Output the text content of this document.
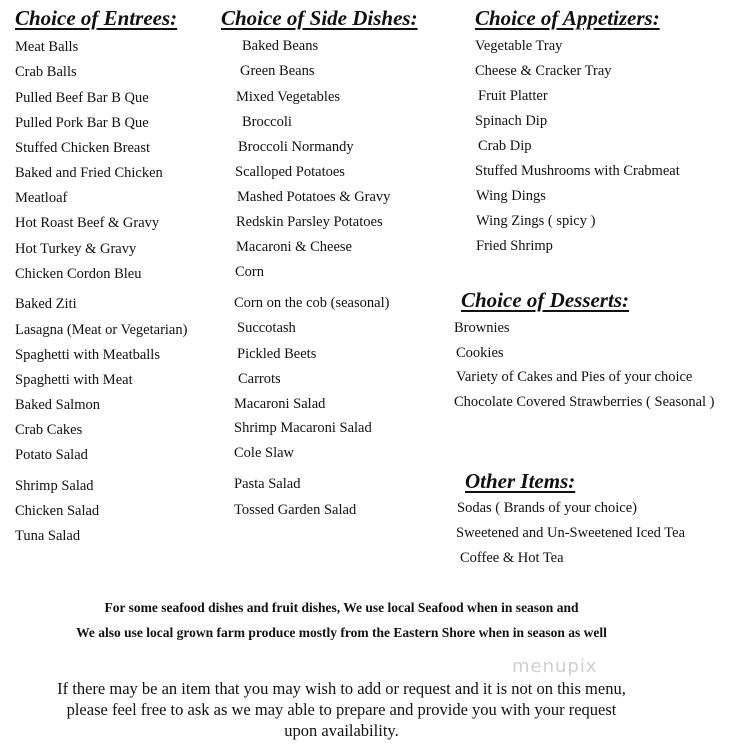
Choice of Entrees: Choice of Side Dishes:	Choice of Appetizers:
Choice of Desserts:
Other Items:

Meat Balls

Crab Balls

Pulled Beef Bar B Que

Pulled Pork Bar B Que

Stuffed Chicken Breast

Baked and Fried Chicken

Meatloaf

Hot Roast Beef & Gravy

Hot Turkey & Gravy

Chicken Cordon Bleu

Baked Ziti

Lasagna (Meat or Vegetarian)

Spaghetti with Meatballs

Spaghetti with Meat

Baked Salmon

Crab Cakes

Potato Salad

Shrimp Salad

Chicken Salad

Tuna Salad

Baked Beans

Green Beans

Mixed Vegetables

Broccoli

Broccoli Normandy

Scalloped Potatoes

Mashed Potatoes & Gravy

Redskin Parsley Potatoes

Macaroni & Cheese

Corn

Corn on the cob (seasonal)

Succotash

Pickled Beets

Carrots

Macaroni Salad

Shrimp Macaroni Salad

Cole Slaw

Pasta Salad

Tossed Garden Salad

Vegetable Tray

Cheese & Cracker Tray

Fruit Platter

Spinach Dip

Crab Dip

Stuffed Mushrooms with Crabmeat

Wing Dings

Wing Zings ( spicy )

Fried Shrimp

Brownies

Cookies

Variety of Cakes and Pies of your choice

Chocolate Covered Strawberries ( Seasonal )

Sodas ( Brands of your choice)

Sweetened and Un-Sweetened Iced Tea

Coffee & Hot Tea

For some seafood dishes and fruit dishes, We use local Seafood when in season and

We also use local grown farm produce mostly from the Eastern Shore when in season as well

menupix

If there may be an item that you may wish to add or request and it is not on this menu,

please feel free to ask as we may able to prepare and provide you with your request

upon availability.
